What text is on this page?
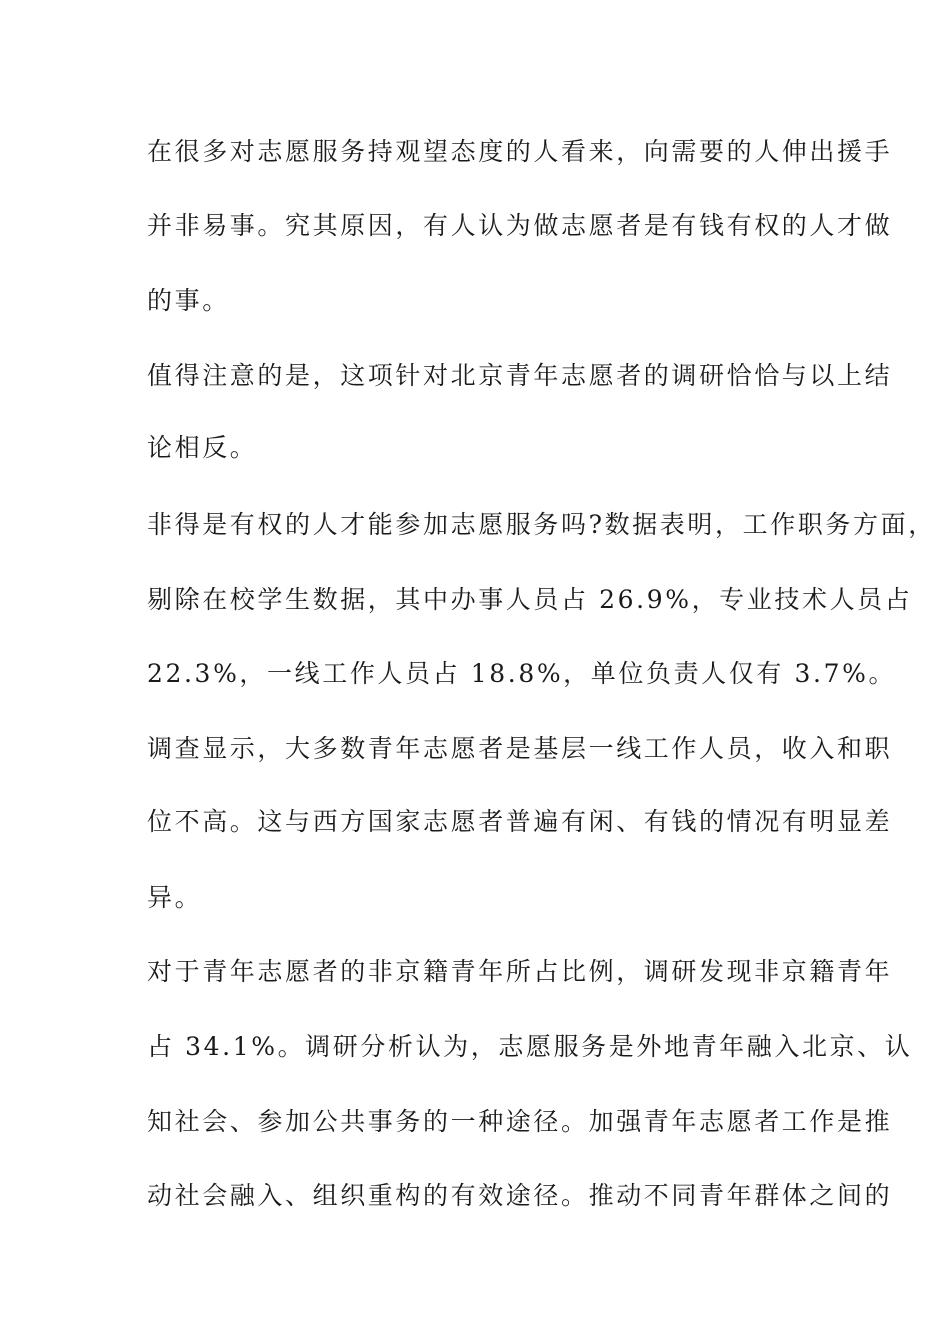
在很多对志愿服务持观望态度的人看来，向需要的人伸出援手
并非易事。究其原因，有人认为做志愿者是有钱有权的人才做
的事。
值得注意的是，这项针对北京青年志愿者的调研恰恰与以上结
论相反。
非得是有权的人才能参加志愿服务吗?数据表明，工作职务方面，
剔除在校学生数据，其中办事人员占 26.9%，专业技术人员占
22.3%，一线工作人员占 18.8%，单位负责人仅有 3.7%。
调查显示，大多数青年志愿者是基层一线工作人员，收入和职
位不高。这与西方国家志愿者普遍有闲、有钱的情况有明显差
异。
对于青年志愿者的非京籍青年所占比例，调研发现非京籍青年
占 34.1%。调研分析认为，志愿服务是外地青年融入北京、认
知社会、参加公共事务的一种途径。加强青年志愿者工作是推
动社会融入、组织重构的有效途径。推动不同青年群体之间的
